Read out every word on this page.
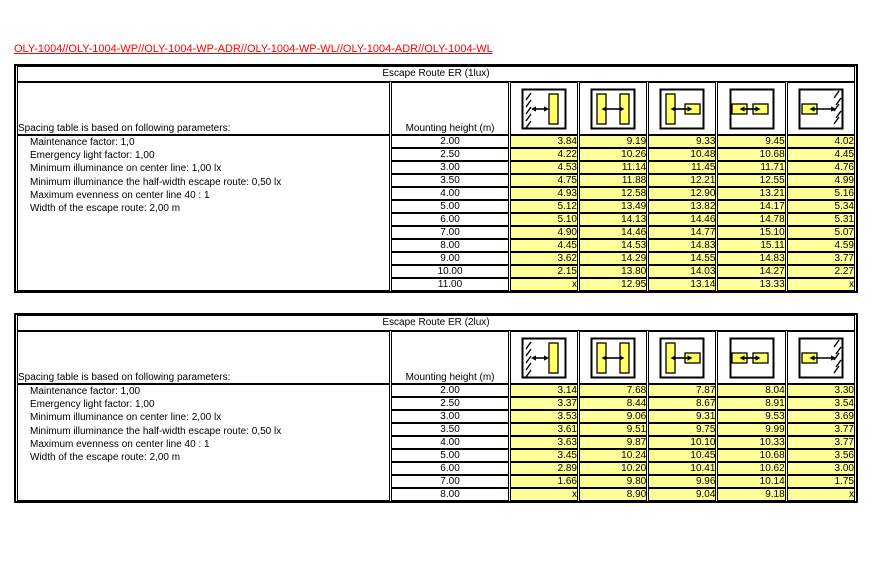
OLY-1004//OLY-1004-WP//OLY-1004-WP-ADR//OLY-1004-WP-WL//OLY-1004-ADR//OLY-1004-WL
Escape Route ER (1lux)						
Spacing table is based on following parameters:	Mounting height (m)	

Maintenance factor: 1,0
Emergency light factor: 1,00
Minimum illuminance on center line: 1,00 lx
Minimum illuminance the half-width escape route: 0,50 lx
Maximum evenness on center line 40 : 1
Width of the escape route: 2,00 m
	2.00	3.84	9.19	9.33	9.45	4.02
	2.50	4.22	10.26	10.48	10.68	4.45
	3.00	4.53	11.14	11.45	11.71	4.76
	3.50	4.75	11.88	12.21	12.55	4.99
	4.00	4.93	12.58	12.90	13.21	5.16
	5.00	5.12	13.49	13.82	14.17	5.34
	6.00	5.10	14.13	14.46	14.78	5.31
	7.00	4.90	14.46	14.77	15.10	5.07
	8.00	4.45	14.53	14.83	15.11	4.59
	9.00	3.62	14.29	14.55	14.83	3.77
	10.00	2.15	13.80	14.03	14.27	2.27
	11.00	x	12.95	13.14	13.33	x
Escape Route ER (2lux)						
Spacing table is based on following parameters:	Mounting height (m)	

Maintenance factor: 1,00
Emergency light factor: 1,00
Minimum illuminance on center line: 2,00 lx
Minimum illuminance the half-width escape route: 0,50 lx
Maximum evenness on center line 40 : 1
Width of the escape route: 2,00 m
	2.00	3.14	7.68	7.87	8.04	3.30
	2.50	3.37	8.44	8.67	8.91	3.54
	3.00	3.53	9.06	9.31	9.53	3.69
	3.50	3.61	9.51	9.75	9.99	3.77
	4.00	3.63	9.87	10.10	10.33	3.77
	5.00	3.45	10.24	10.45	10.68	3.56
	6.00	2.89	10.20	10.41	10.62	3.00
	7.00	1.66	9.80	9.96	10.14	1.75
	8.00	x	8.90	9.04	9.18	x
